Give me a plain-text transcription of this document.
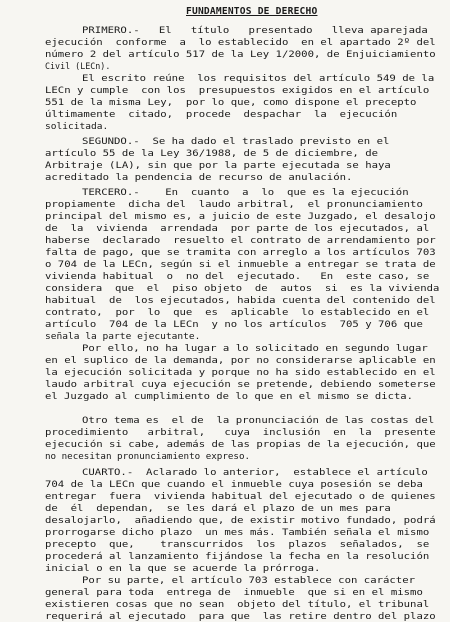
FUNDAMENTOS DE DERECHO
PRIMERO.-   El   título   presentado   lleva aparejada
ejecución  conforme  a  lo establecido  en el apartado 2º del
número 2 del artículo 517 de la Ley 1/2000, de Enjuiciamiento
Civil (LECn).
El escrito reúne  los requisitos del artículo 549 de la
LECn y cumple  con los  presupuestos exigidos en el artículo
551 de la misma Ley,  por lo que, como dispone el precepto
últimamente  citado,  procede  despachar  la  ejecución
solicitada.
SEGUNDO.-  Se ha dado el traslado previsto en el
artículo 55 de la Ley 36/1988, de 5 de diciembre, de
Arbitraje (LA), sin que por la parte ejecutada se haya
acreditado la pendencia de recurso de anulación.
TERCERO.-    En  cuanto  a  lo  que es la ejecución
propiamente  dicha del  laudo arbitral,  el pronunciamiento
principal del mismo es, a juicio de este Juzgado, el desalojo
de  la  vivienda  arrendada  por parte de los ejecutados, al
haberse  declarado  resuelto el contrato de arrendamiento por
falta de pago, que se tramita con arreglo a los artículos 703
o 704 de la LECn, según si el inmueble a entregar se trata de
vivienda habitual  o  no del  ejecutado.   En  este caso, se
considera  que  el  piso objeto  de  autos  si  es la vivienda
habitual  de  los ejecutados, habida cuenta del contenido del
contrato,  por  lo  que  es  aplicable  lo establecido en el
artículo  704 de la LECn  y no los artículos  705 y 706 que
señala la parte ejecutante.
Por ello, no ha lugar a lo solicitado en segundo lugar
en el suplico de la demanda, por no considerarse aplicable en
la ejecución solicitada y porque no ha sido establecido en el
laudo arbitral cuya ejecución se pretende, debiendo someterse
el Juzgado al cumplimiento de lo que en el mismo se dicta.
Otro tema es  el de  la pronunciación de las costas del
procedimiento   arbitral,   cuya  inclusión  en  la  presente
ejecución si cabe, además de las propias de la ejecución, que
no necesitan pronunciamiento expreso.
CUARTO.-  Aclarado lo anterior,  establece el artículo
704 de la LECn que cuando el inmueble cuya posesión se deba
entregar  fuera  vivienda habitual del ejecutado o de quienes
de  él  dependan,  se les dará el plazo de un mes para
desalojarlo,  añadiendo que, de existir motivo fundado, podrá
prorrogarse dicho plazo  un mes más. También señala el mismo
precepto  que,    transcurridos  los  plazos  señalados,  se
procederá al lanzamiento fijándose la fecha en la resolución
inicial o en la que se acuerde la prórroga.
Por su parte, el artículo 703 establece con carácter
general para toda  entrega de  inmueble  que si en el mismo
existieren cosas que no sean  objeto del título, el tribunal
requerirá al ejecutado  para que  las retire dentro del plazo
